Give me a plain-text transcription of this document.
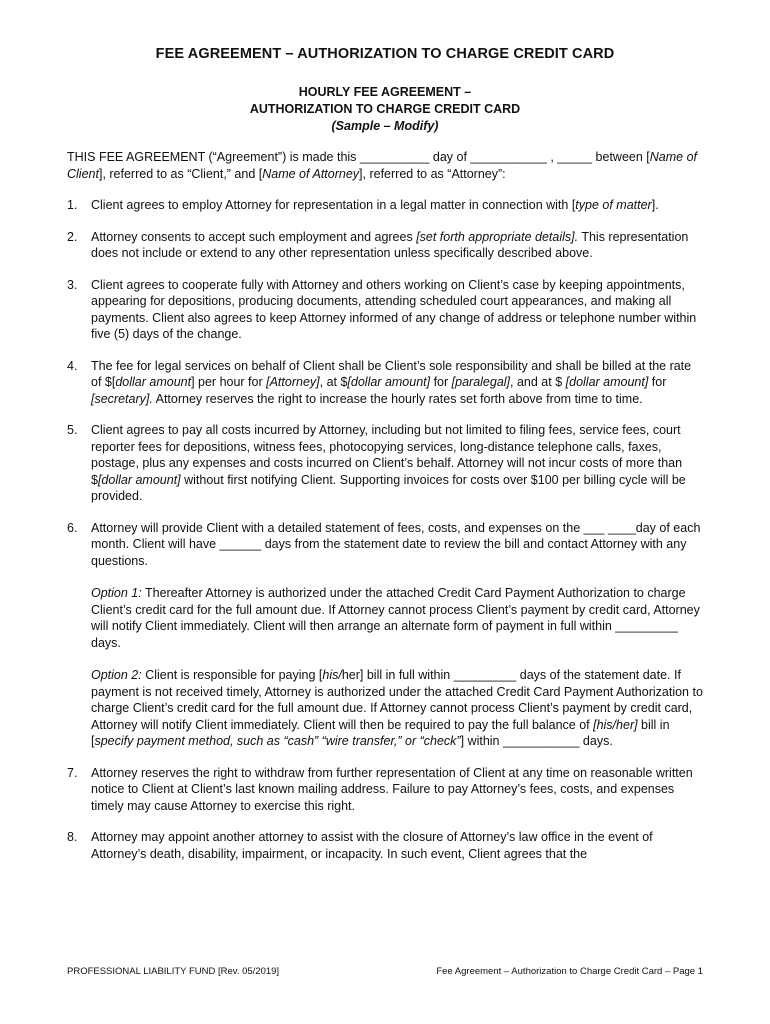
FEE AGREEMENT – AUTHORIZATION TO CHARGE CREDIT CARD
HOURLY FEE AGREEMENT –
AUTHORIZATION TO CHARGE CREDIT CARD
(Sample – Modify)

THIS FEE AGREEMENT (“Agreement”) is made this __________ day of ___________ , _____ between [Name of Client], referred to as “Client,” and [Name of Attorney], referred to as “Attorney”:

1. Client agrees to employ Attorney for representation in a legal matter in connection with [type of matter].
2. Attorney consents to accept such employment and agrees [set forth appropriate details]. This representation does not include or extend to any other representation unless specifically described above.
3. Client agrees to cooperate fully with Attorney and others working on Client’s case by keeping appointments, appearing for depositions, producing documents, attending scheduled court appearances, and making all payments. Client also agrees to keep Attorney informed of any change of address or telephone number within five (5) days of the change.
4. The fee for legal services on behalf of Client shall be Client’s sole responsibility and shall be billed at the rate of $[dollar amount] per hour for [Attorney], at $[dollar amount] for [paralegal], and at $ [dollar amount] for [secretary]. Attorney reserves the right to increase the hourly rates set forth above from time to time.
5. Client agrees to pay all costs incurred by Attorney, including but not limited to filing fees, service fees, court reporter fees for depositions, witness fees, photocopying services, long-distance telephone calls, faxes, postage, plus any expenses and costs incurred on Client’s behalf. Attorney will not incur costs of more than $[dollar amount] without first notifying Client. Supporting invoices for costs over $100 per billing cycle will be provided.
6. Attorney will provide Client with a detailed statement of fees, costs, and expenses on the ___ ____day of each month. Client will have ______ days from the statement date to review the bill and contact Attorney with any questions.
Option 1: Thereafter Attorney is authorized under the attached Credit Card Payment Authorization to charge Client’s credit card for the full amount due. If Attorney cannot process Client’s payment by credit card, Attorney will notify Client immediately. Client will then arrange an alternate form of payment in full within _________ days.
Option 2: Client is responsible for paying [his/her] bill in full within _________ days of the statement date. If payment is not received timely, Attorney is authorized under the attached Credit Card Payment Authorization to charge Client’s credit card for the full amount due. If Attorney cannot process Client’s payment by credit card, Attorney will notify Client immediately. Client will then be required to pay the full balance of [his/her] bill in [specify payment method, such as “cash” “wire transfer,” or “check”] within ___________ days.
7. Attorney reserves the right to withdraw from further representation of Client at any time on reasonable written notice to Client at Client’s last known mailing address. Failure to pay Attorney’s fees, costs, and expenses timely may cause Attorney to exercise this right.
8. Attorney may appoint another attorney to assist with the closure of Attorney’s law office in the event of Attorney’s death, disability, impairment, or incapacity. In such event, Client agrees that the
PROFESSIONAL LIABILITY FUND [Rev. 05/2019]	Fee Agreement – Authorization to Charge Credit Card – Page 1
